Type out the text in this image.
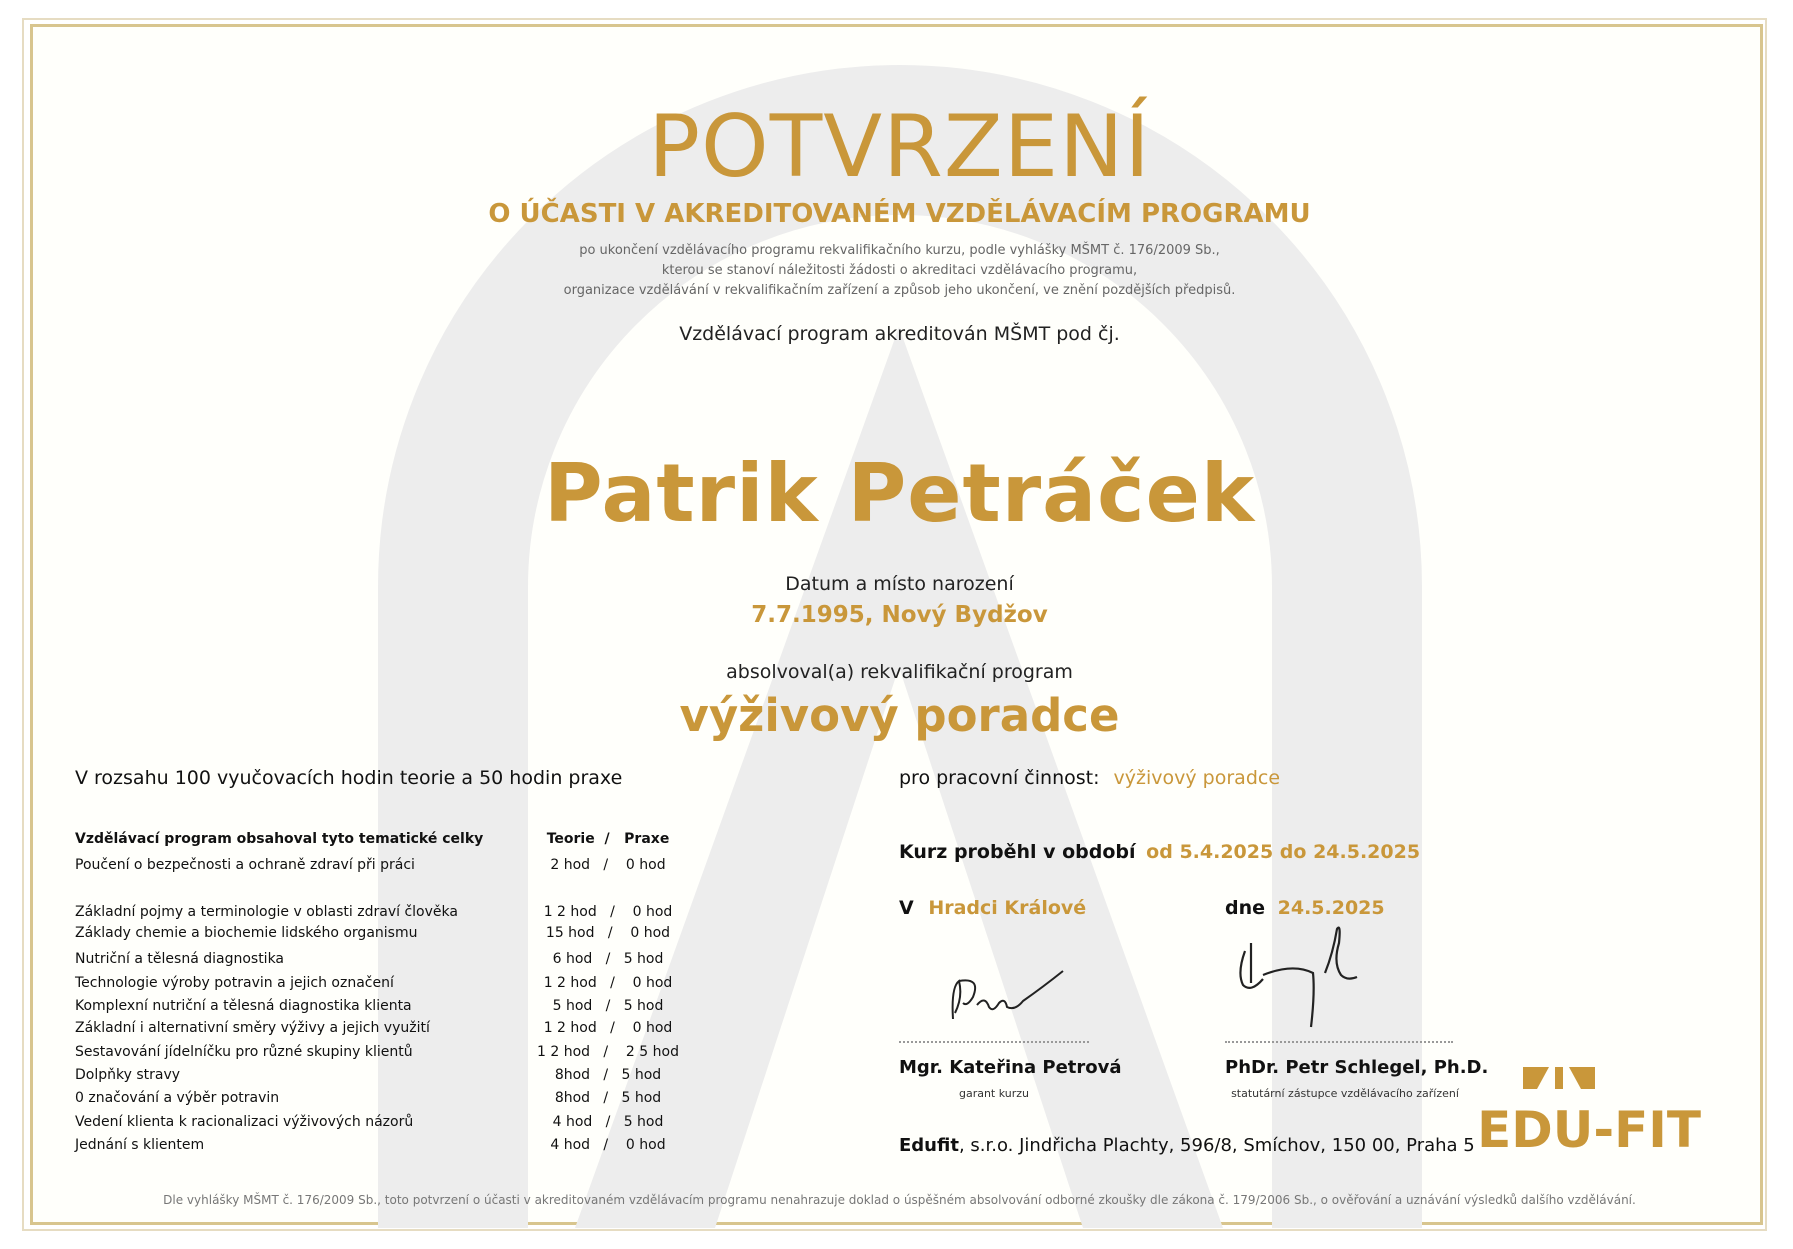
POTVRZENÍ
O ÚČASTI V AKREDITOVANÉM VZDĚLÁVACÍM PROGRAMU
po ukončení vzdělávacího programu rekvalifikačního kurzu, podle vyhlášky MŠMT č. 176/2009 Sb.,
kterou se stanoví náležitosti žádosti o akreditaci vzdělávacího programu,
organizace vzdělávání v rekvalifikačním zařízení a způsob jeho ukončení, ve znění pozdějších předpisů.
Vzdělávací program akreditován MŠMT pod čj.
Patrik Petráček
Datum a místo narození
7.7.1995, Nový Bydžov
absolvoval(a) rekvalifikační program
výživový poradce
V rozsahu 100 vyučovacích hodin teorie a 50 hodin praxe
Vzdělávací program obsahoval tyto tematické celky	Teorie  /   Praxe
Poučení o bezpečnosti a ochraně zdraví při práci	2 hod   /    0 hod
Základní pojmy a terminologie v oblasti zdraví člověka	1 2 hod   /    0 hod
Základy chemie a biochemie lidského organismu	15 hod   /    0 hod
Nutriční a tělesná diagnostika	6 hod   /   5 hod
Technologie výroby potravin a jejich označení	1 2 hod   /    0 hod
Komplexní nutriční a tělesná diagnostika klienta	5 hod   /   5 hod
Základní i alternativní směry výživy a jejich využití	1 2 hod   /    0 hod
Sestavování jídelníčku pro různé skupiny klientů	1 2 hod   /    2 5 hod
Dolpňky stravy	8hod   /   5 hod
0 značování a výběr potravin	8hod   /   5 hod
Vedení klienta k racionalizaci výživových názorů	4 hod   /   5 hod
Jednání s klientem	4 hod   /    0 hod
pro pracovní činnost: výživový poradce
Kurz proběhl v období od 5.4.2025 do 24.5.2025
V Hradci Králové	dne 24.5.2025
Mgr. Kateřina Petrová
garant kurzu
PhDr. Petr Schlegel, Ph.D.
statutární zástupce vzdělávacího zařízení
Edufit, s.r.o. Jindřicha Plachty, 596/8, Smíchov, 150 00, Praha 5 EDU-FIT
Dle vyhlášky MŠMT č. 176/2009 Sb., toto potvrzení o účasti v akreditovaném vzdělávacím programu nenahrazuje doklad o úspěšném absolvování odborné zkoušky dle zákona č. 179/2006 Sb., o ověřování a uznávání výsledků dalšího vzdělávání.
